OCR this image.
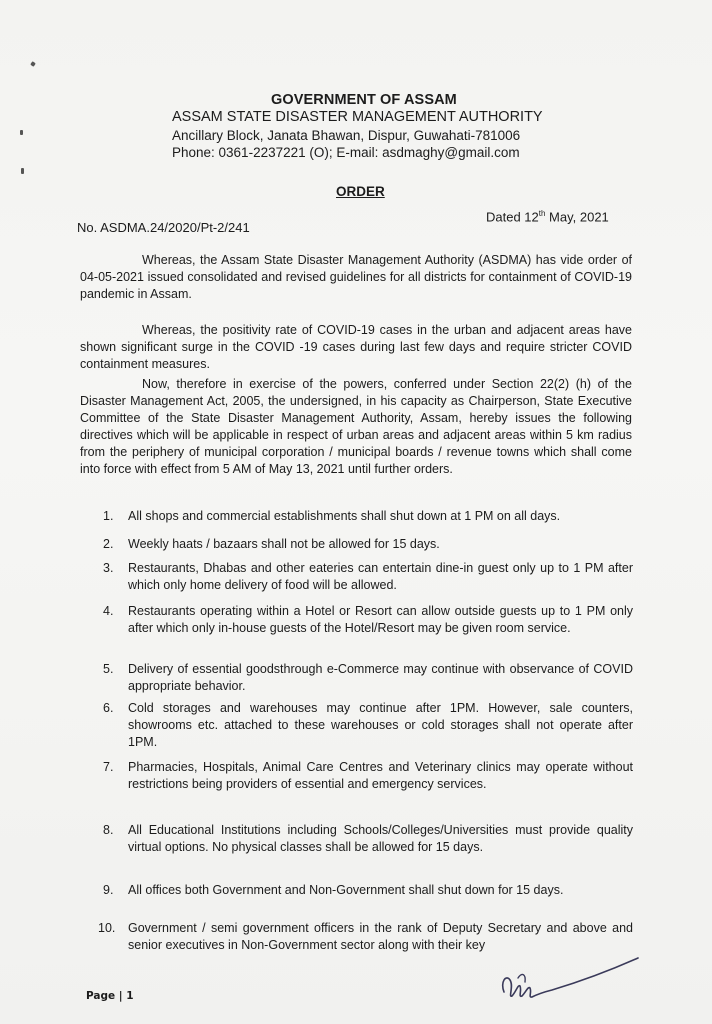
GOVERNMENT OF ASSAM
ASSAM STATE DISASTER MANAGEMENT AUTHORITY
Ancillary Block, Janata Bhawan, Dispur, Guwahati-781006
Phone: 0361-2237221 (O); E-mail: asdmaghy@gmail.com
ORDER
No. ASDMA.24/2020/Pt-2/241
Dated 12th May, 2021
Whereas, the Assam State Disaster Management Authority (ASDMA) has vide order of 04-05-2021 issued consolidated and revised guidelines for all districts for containment of COVID-19 pandemic in Assam.
Whereas, the positivity rate of COVID-19 cases in the urban and adjacent areas have shown significant surge in the COVID -19 cases during last few days and require stricter COVID containment measures.
Now, therefore in exercise of the powers, conferred under Section 22(2) (h) of the Disaster Management Act, 2005, the undersigned, in his capacity as Chairperson, State Executive Committee of the State Disaster Management Authority, Assam, hereby issues the following directives which will be applicable in respect of urban areas and adjacent areas within 5 km radius from the periphery of municipal corporation / municipal boards / revenue towns which shall come into force with effect from 5 AM of May 13, 2021 until further orders.
1.	All shops and commercial establishments shall shut down at 1 PM on all days.
2.	Weekly haats / bazaars shall not be allowed for 15 days.
3.	Restaurants, Dhabas and other eateries can entertain dine-in guest only up to 1 PM after which only home delivery of food will be allowed.
4.	Restaurants operating within a Hotel or Resort can allow outside guests up to 1 PM only after which only in-house guests of the Hotel/Resort may be given room service.
5.	Delivery of essential goodsthrough e-Commerce may continue with observance of COVID appropriate behavior.
6.	Cold storages and warehouses may continue after 1PM. However, sale counters, showrooms etc. attached to these warehouses or cold storages shall not operate after 1PM.
7.	Pharmacies, Hospitals, Animal Care Centres and Veterinary clinics may operate without restrictions being providers of essential and emergency services.
8.	All Educational Institutions including Schools/Colleges/Universities must provide quality virtual options. No physical classes shall be allowed for 15 days.
9.	All offices both Government and Non-Government shall shut down for 15 days.
10.	Government / semi government officers in the rank of Deputy Secretary and above and senior executives in Non-Government sector along with their key
Page | 1
